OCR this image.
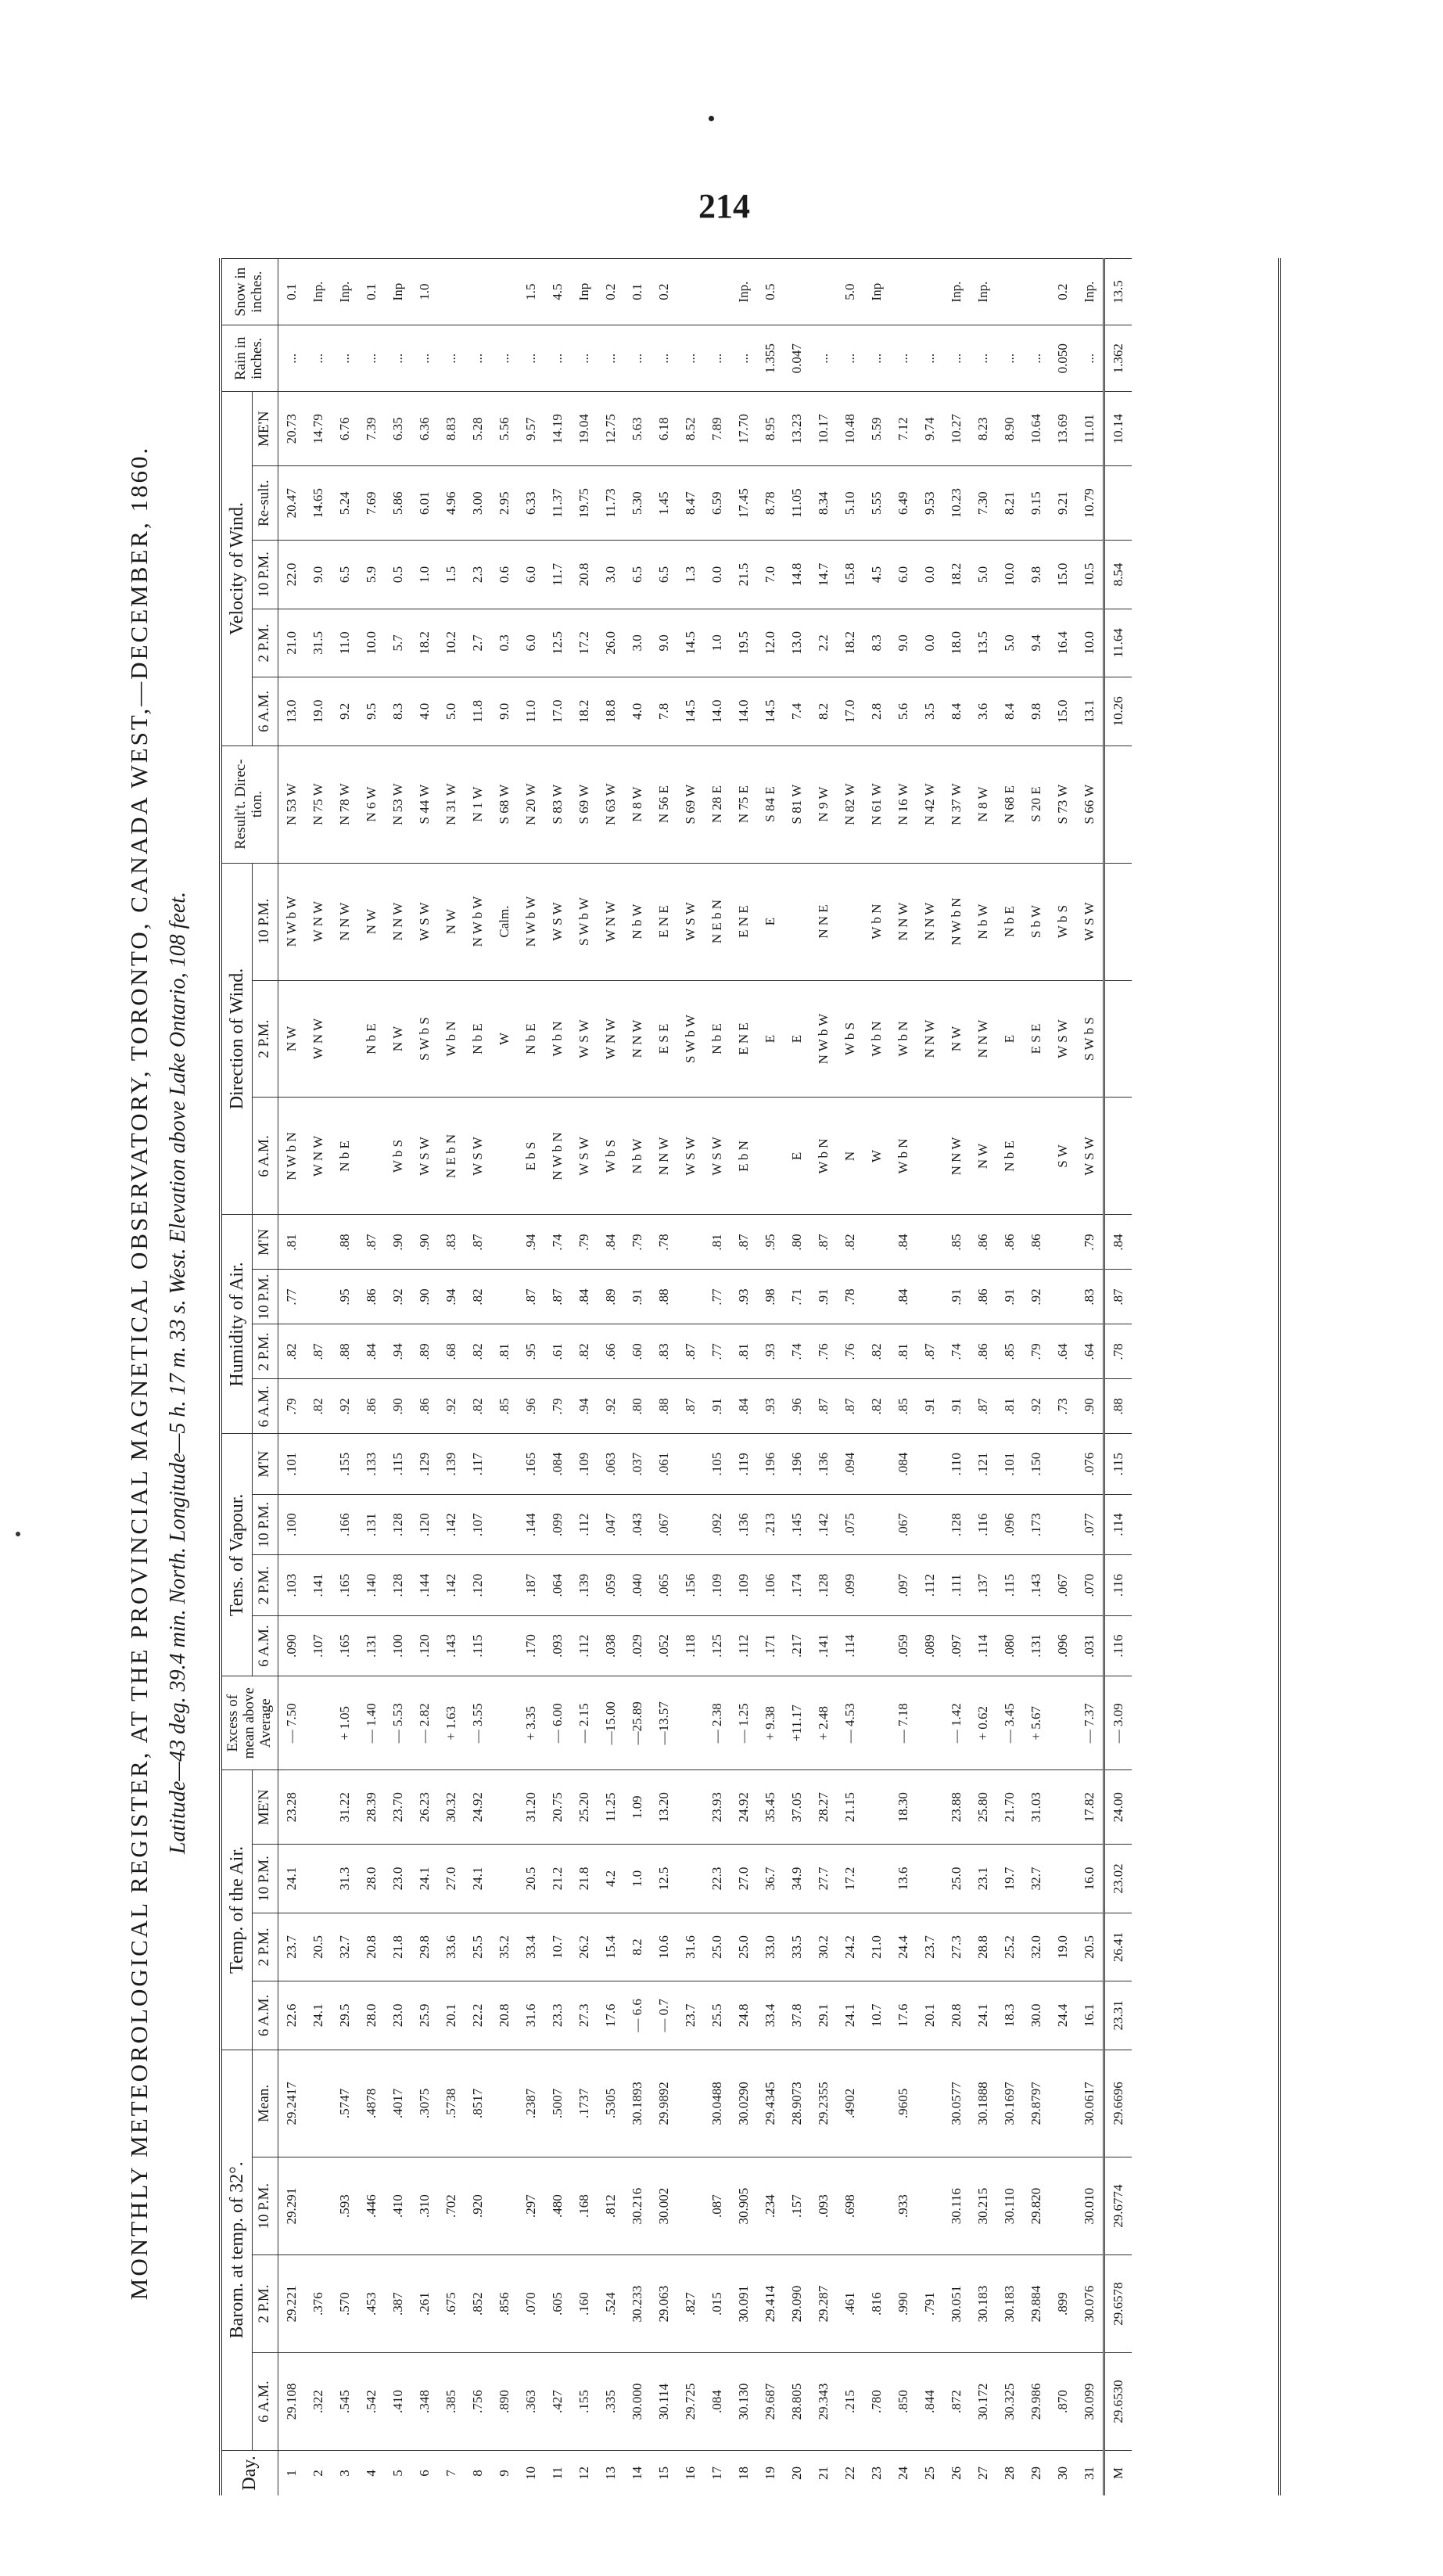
214
MONTHLY METEOROLOGICAL REGISTER, AT THE PROVINCIAL MAGNETICAL OBSERVATORY, TORONTO, CANADA WEST,—DECEMBER, 1860. Latitude—43 deg. 39.4 min. North. Longitude—5 h. 17 m. 33 s. West. Elevation above Lake Ontario, 108 feet.
Day.	Barom. at temp. of 32°.				Temp. of the Air.				Excess of mean above Average	Tens. of Vapour.				Humidity of Air.				Direction of Wind.			Result't. Direc-tion.	Velocity of Wind.					Rain in inches.	Snow in inches.
	6 A.M.	2 P.M.	10 P.M.	Mean.	6 A.M.	2 P.M.	10 P.M.	ME'N		6 A.M.	2 P.M.	10 P.M.	M'N	6 A.M.	2 P.M.	10 P.M.	M'N	6 A.M.	2 P.M.	10 P.M.		6 A.M.	2 P.M.	10 P.M.	Re-sult.	ME'N		
1	29.108	29.221	29.291	29.2417	22.6	23.7	24.1	23.28	— 7.50	.090	.103	.100	.101	.79	.82	.77	.81	N W b N	N W	N W b W	N 53 W	13.0	21.0	22.0	20.47	20.73	...	0.1
2	.322	.376			24.1	20.5				.107	.141			.82	.87			W N W	W N W	W N W	N 75 W	19.0	31.5	9.0	14.65	14.79	...	Inp.
3	.545	.570	.593	.5747	29.5	32.7	31.3	31.22	+ 1.05	.165	.165	.166	.155	.92	.88	.95	.88	N b E		N N W	N 78 W	9.2	11.0	6.5	5.24	6.76	...	Inp.
4	.542	.453	.446	.4878	28.0	20.8	28.0	28.39	— 1.40	.131	.140	.131	.133	.86	.84	.86	.87		N b E	N W	N 6 W	9.5	10.0	5.9	7.69	7.39	...	0.1
5	.410	.387	.410	.4017	23.0	21.8	23.0	23.70	— 5.53	.100	.128	.128	.115	.90	.94	.92	.90	W b S	N W	N N W	N 53 W	8.3	5.7	0.5	5.86	6.35	...	Inp
6	.348	.261	.310	.3075	25.9	29.8	24.1	26.23	— 2.82	.120	.144	.120	.129	.86	.89	.90	.90	W S W	S W b S	W S W	S 44 W	4.0	18.2	1.0	6.01	6.36	...	1.0
7	.385	.675	.702	.5738	20.1	33.6	27.0	30.32	+ 1.63	.143	.142	.142	.139	.92	.68	.94	.83	N E b N	W b N	N W	N 31 W	5.0	10.2	1.5	4.96	8.83	...	
8	.756	.852	.920	.8517	22.2	25.5	24.1	24.92	— 3.55	.115	.120	.107	.117	.82	.82	.82	.87	W S W	N b E	N W b W	N 1 W	11.8	2.7	2.3	3.00	5.28	...	
9	.890	.856			20.8	35.2								.85	.81				W	Calm.	S 68 W	9.0	0.3	0.6	2.95	5.56	...	
10	.363	.070	.297	.2387	31.6	33.4	20.5	31.20	+ 3.35	.170	.187	.144	.165	.96	.95	.87	.94	E b S	N b E	N W b W	N 20 W	11.0	6.0	6.0	6.33	9.57	...	1.5
11	.427	.605	.480	.5007	23.3	10.7	21.2	20.75	— 6.00	.093	.064	.099	.084	.79	.61	.87	.74	N W b N	W b N	W S W	S 83 W	17.0	12.5	11.7	11.37	14.19	...	4.5
12	.155	.160	.168	.1737	27.3	26.2	21.8	25.20	— 2.15	.112	.139	.112	.109	.94	.82	.84	.79	W S W	W S W	S W b W	S 69 W	18.2	17.2	20.8	19.75	19.04	...	Inp
13	.335	.524	.812	.5305	17.6	15.4	4.2	11.25	—15.00	.038	.059	.047	.063	.92	.66	.89	.84	W b S	W N W	W N W	N 63 W	18.8	26.0	3.0	11.73	12.75	...	0.2
14	30.000	30.233	30.216	30.1893	— 6.6	8.2	1.0	1.09	—25.89	.029	.040	.043	.037	.80	.60	.91	.79	N b W	N N W	N b W	N 8 W	4.0	3.0	6.5	5.30	5.63	...	0.1
15	30.114	29.063	30.002	29.9892	— 0.7	10.6	12.5	13.20	—13.57	.052	.065	.067	.061	.88	.83	.88	.78	N N W	E S E	E N E	N 56 E	7.8	9.0	6.5	1.45	6.18	...	0.2
16	29.725	.827			23.7	31.6				.118	.156			.87	.87			W S W	S W b W	W S W	S 69 W	14.5	14.5	1.3	8.47	8.52	...	
17	.084	.015	.087	30.0488	25.5	25.0	22.3	23.93	— 2.38	.125	.109	.092	.105	.91	.77	.77	.81	W S W	N b E	N E b N	N 28 E	14.0	1.0	0.0	6.59	7.89	...	
18	30.130	30.091	30.905	30.0290	24.8	25.0	27.0	24.92	— 1.25	.112	.109	.136	.119	.84	.81	.93	.87	E b N	E N E	E N E	N 75 E	14.0	19.5	21.5	17.45	17.70	...	Inp.
19	29.687	29.414	.234	29.4345	33.4	33.0	36.7	35.45	+ 9.38	.171	.106	.213	.196	.93	.93	.98	.95		E	E	S 84 E	14.5	12.0	7.0	8.78	8.95	1.355	0.5
20	28.805	29.090	.157	28.9073	37.8	33.5	34.9	37.05	+11.17	.217	.174	.145	.196	.96	.74	.71	.80	E	E		S 81 W	7.4	13.0	14.8	11.05	13.23	0.047	
21	29.343	29.287	.093	29.2355	29.1	30.2	27.7	28.27	+ 2.48	.141	.128	.142	.136	.87	.76	.91	.87	W b N	N W b W	N N E	N 9 W	8.2	2.2	14.7	8.34	10.17	...	
22	.215	.461	.698	.4902	24.1	24.2	17.2	21.15	— 4.53	.114	.099	.075	.094	.87	.76	.78	.82	N	W b S		N 82 W	17.0	18.2	15.8	5.10	10.48	...	5.0
23	.780	.816			10.7	21.0								.82	.82			W	W b N	W b N	N 61 W	2.8	8.3	4.5	5.55	5.59	...	Inp
24	.850	.990	.933	.9605	17.6	24.4	13.6	18.30	— 7.18	.059	.097	.067	.084	.85	.81	.84	.84	W b N	W b N	N N W	N 16 W	5.6	9.0	6.0	6.49	7.12	...	
25	.844	.791			20.1	23.7				.089	.112			.91	.87				N N W	N N W	N 42 W	3.5	0.0	0.0	9.53	9.74	...	
26	.872	30.051	30.116	30.0577	20.8	27.3	25.0	23.88	— 1.42	.097	.111	.128	.110	.91	.74	.91	.85	N N W	N W	N W b N	N 37 W	8.4	18.0	18.2	10.23	10.27	...	Inp.
27	30.172	30.183	30.215	30.1888	24.1	28.8	23.1	25.80	+ 0.62	.114	.137	.116	.121	.87	.86	.86	.86	N W	N N W	N b W	N 8 W	3.6	13.5	5.0	7.30	8.23	...	Inp.
28	30.325	30.183	30.110	30.1697	18.3	25.2	19.7	21.70	— 3.45	.080	.115	.096	.101	.81	.85	.91	.86	N b E	E	N b E	N 68 E	8.4	5.0	10.0	8.21	8.90	...	
29	29.986	29.884	29.820	29.8797	30.0	32.0	32.7	31.03	+ 5.67	.131	.143	.173	.150	.92	.79	.92	.86		E S E	S b W	S 20 E	9.8	9.4	9.8	9.15	10.64	...	
30	.870	.899			24.4	19.0				.096	.067			.73	.64			S W	W S W	W b S	S 73 W	15.0	16.4	15.0	9.21	13.69	0.050	0.2
31	30.099	30.076	30.010	30.0617	16.1	20.5	16.0	17.82	— 7.37	.031	.070	.077	.076	.90	.64	.83	.79	W S W	S W b S	W S W	S 66 W	13.1	10.0	10.5	10.79	11.01	...	Inp.
M	29.6530	29.6578	29.6774	29.6696	23.31	26.41	23.02	24.00	— 3.09	.116	.116	.114	.115	.88	.78	.87	.84					10.26	11.64	8.54		10.14	1.362	13.5
